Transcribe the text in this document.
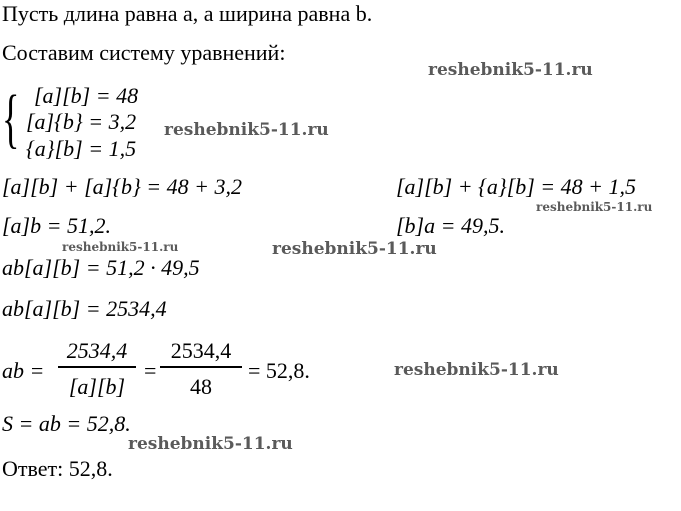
Пусть длина равна a, а ширина равна b.
Составим систему уравнений:
{ [a][b] = 48
[a]{b} = 3,2
{a}[b] = 1,5
[a][b] + [a]{b} = 48 + 3,2	[a][b] + {a}[b] = 48 + 1,5
[a]b = 51,2.	[b]a = 49,5.
ab[a][b] = 51,2 · 49,5
ab[a][b] = 2534,4
ab =
2534,4
[a][b]
=
2534,4
48
= 52,8.
S = ab = 52,8.
Ответ: 52,8.
reshebnik5-11.ru
reshebnik5-11.ru
reshebnik5-11.ru
reshebnik5-11.ru	reshebnik5-11.ru
reshebnik5-11.ru
reshebnik5-11.ru
